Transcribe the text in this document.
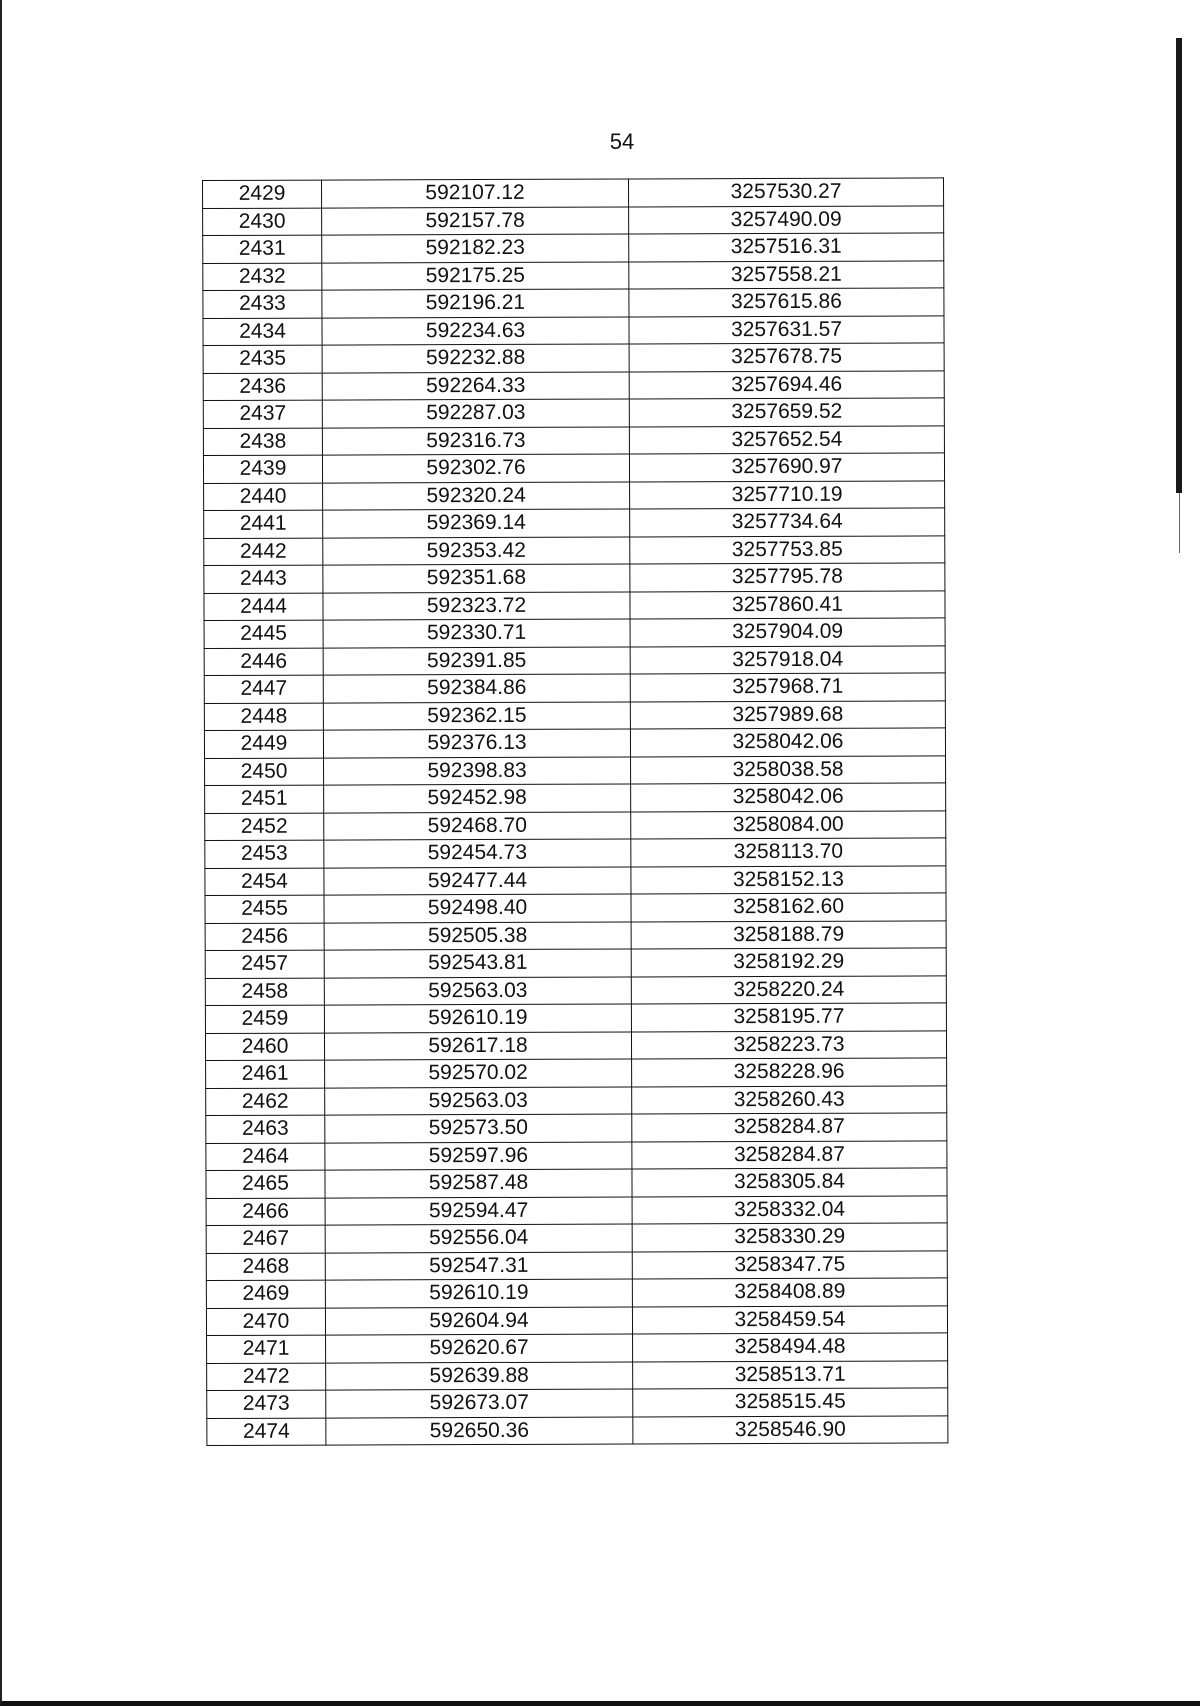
54
2429	592107.12	3257530.27
2430	592157.78	3257490.09
2431	592182.23	3257516.31
2432	592175.25	3257558.21
2433	592196.21	3257615.86
2434	592234.63	3257631.57
2435	592232.88	3257678.75
2436	592264.33	3257694.46
2437	592287.03	3257659.52
2438	592316.73	3257652.54
2439	592302.76	3257690.97
2440	592320.24	3257710.19
2441	592369.14	3257734.64
2442	592353.42	3257753.85
2443	592351.68	3257795.78
2444	592323.72	3257860.41
2445	592330.71	3257904.09
2446	592391.85	3257918.04
2447	592384.86	3257968.71
2448	592362.15	3257989.68
2449	592376.13	3258042.06
2450	592398.83	3258038.58
2451	592452.98	3258042.06
2452	592468.70	3258084.00
2453	592454.73	3258113.70
2454	592477.44	3258152.13
2455	592498.40	3258162.60
2456	592505.38	3258188.79
2457	592543.81	3258192.29
2458	592563.03	3258220.24
2459	592610.19	3258195.77
2460	592617.18	3258223.73
2461	592570.02	3258228.96
2462	592563.03	3258260.43
2463	592573.50	3258284.87
2464	592597.96	3258284.87
2465	592587.48	3258305.84
2466	592594.47	3258332.04
2467	592556.04	3258330.29
2468	592547.31	3258347.75
2469	592610.19	3258408.89
2470	592604.94	3258459.54
2471	592620.67	3258494.48
2472	592639.88	3258513.71
2473	592673.07	3258515.45
2474	592650.36	3258546.90
